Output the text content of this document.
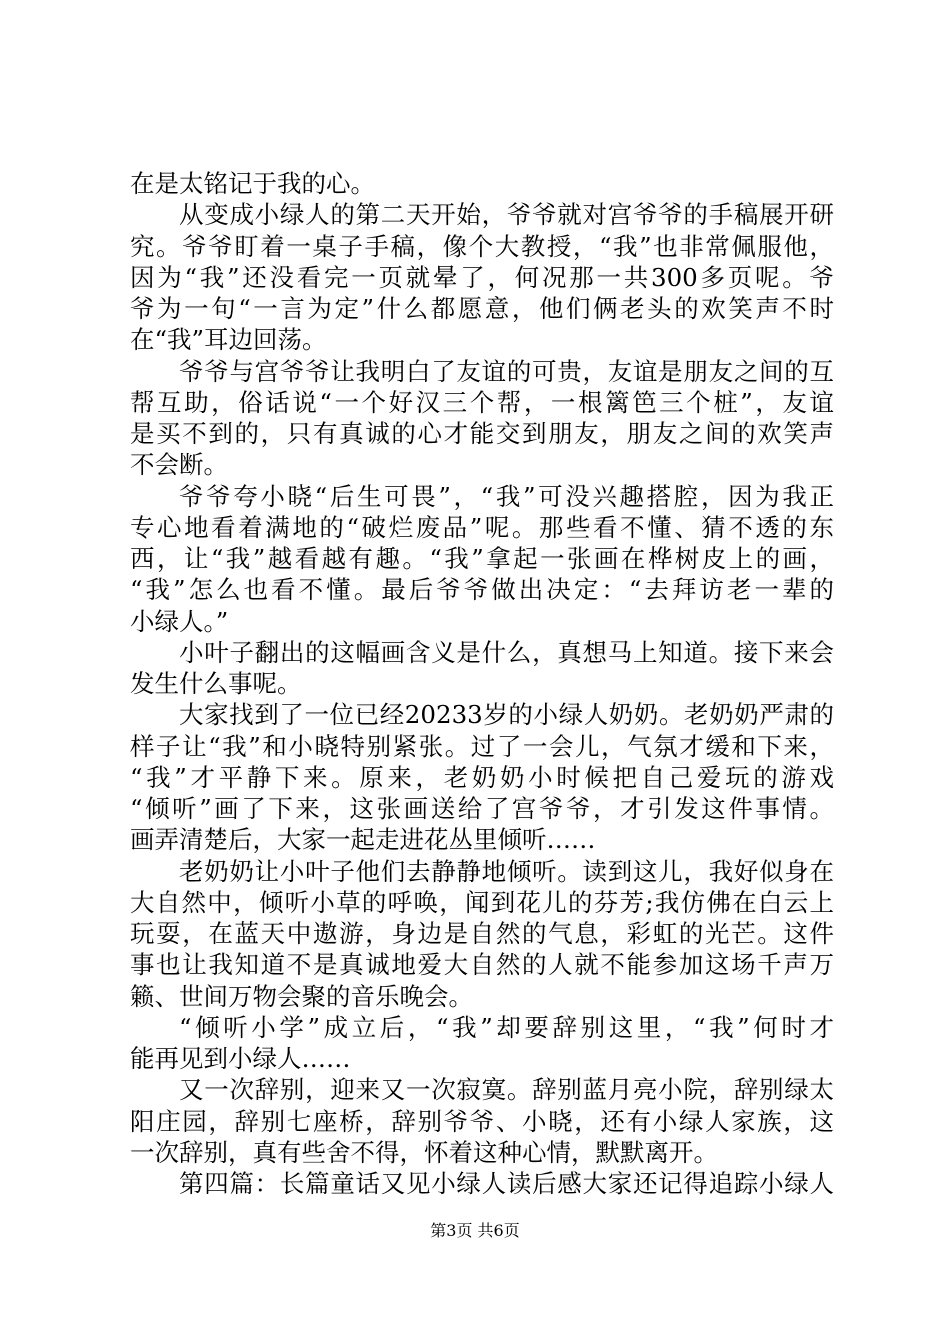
在是太铭记于我的心。
从变成小绿人的第二天开始，爷爷就对宫爷爷的手稿展开研
究。爷爷盯着一桌子手稿，像个大教授，“我”也非常佩服他，
因为“我”还没看完一页就晕了，何况那一共300多页呢。爷
爷为一句“一言为定”什么都愿意，他们俩老头的欢笑声不时
在“我”耳边回荡。
爷爷与宫爷爷让我明白了友谊的可贵，友谊是朋友之间的互
帮互助，俗话说“一个好汉三个帮，一根篱笆三个桩”，友谊
是买不到的，只有真诚的心才能交到朋友，朋友之间的欢笑声
不会断。
爷爷夸小晓“后生可畏”，“我”可没兴趣搭腔，因为我正
专心地看着满地的“破烂废品”呢。那些看不懂、猜不透的东
西，让“我”越看越有趣。“我”拿起一张画在桦树皮上的画，
“我”怎么也看不懂。最后爷爷做出决定：“去拜访老一辈的
小绿人。”
小叶子翻出的这幅画含义是什么，真想马上知道。接下来会
发生什么事呢。
大家找到了一位已经20233岁的小绿人奶奶。老奶奶严肃的
样子让“我”和小晓特别紧张。过了一会儿，气氛才缓和下来，
“我”才平静下来。原来，老奶奶小时候把自己爱玩的游戏
“倾听”画了下来，这张画送给了宫爷爷，才引发这件事情。
画弄清楚后，大家一起走进花丛里倾听……
老奶奶让小叶子他们去静静地倾听。读到这儿，我好似身在
大自然中，倾听小草的呼唤，闻到花儿的芬芳;我仿佛在白云上
玩耍，在蓝天中遨游，身边是自然的气息，彩虹的光芒。这件
事也让我知道不是真诚地爱大自然的人就不能参加这场千声万
籁、世间万物会聚的音乐晚会。
“倾听小学”成立后，“我”却要辞别这里，“我”何时才
能再见到小绿人……
又一次辞别，迎来又一次寂寞。辞别蓝月亮小院，辞别绿太
阳庄园，辞别七座桥，辞别爷爷、小晓，还有小绿人家族，这
一次辞别，真有些舍不得，怀着这种心情，默默离开。
第四篇：长篇童话又见小绿人读后感大家还记得追踪小绿人
第3页 共6页
